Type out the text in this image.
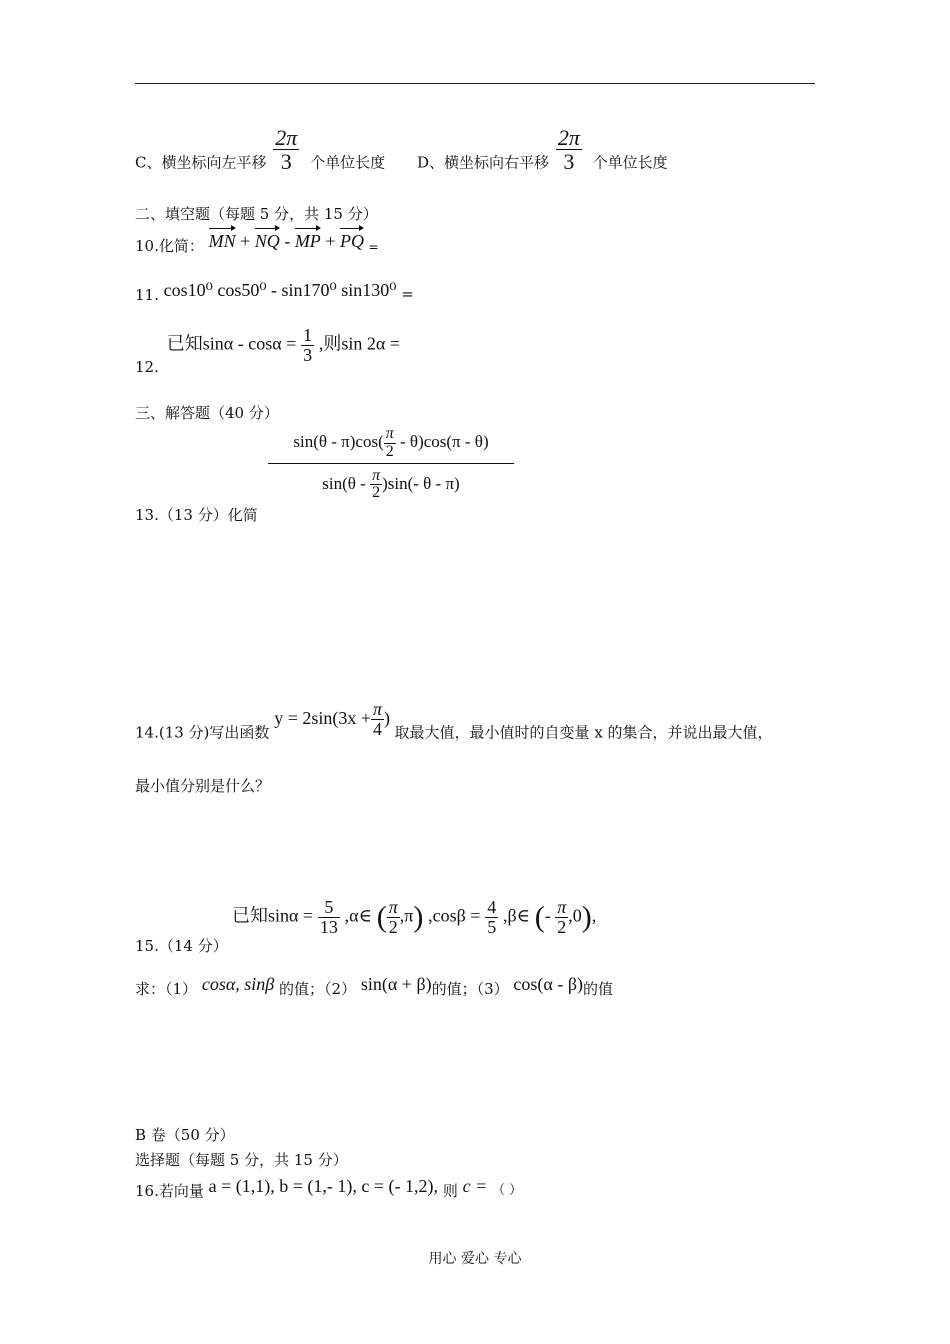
C、横坐标向左平移 $\frac{2\pi}{3}$ 个单位长度 D、横坐标向右平移 $\frac{2\pi}{3}$ 个单位长度
二、填空题（每题 5 分，共 15 分）
10.化简： MN + NQ - MP + PQ $_=$
11. cos10⁰ cos50⁰ - sin170⁰ sin130⁰ =
已知$\sin\alpha - \cos\alpha = \frac{1}{3}$ ,则sin 2α =
12.
三、解答题（40 分）
$\frac{\sin(\theta - \pi)\cos( \frac{\pi}{2} - \theta)\cos(\pi - \theta)}{\sin(\theta - \frac{\pi}{2} )\sin(- \theta - \pi)}$
13.（13 分）化简
14.(13 分)写出函数 $y = 2\sin(3x + \frac{\pi}{4}$ ) 取最大值，最小值时的自变量 x 的集合，并说出最大值，
最小值分别是什么？
已知$\sin\alpha = \frac{5}{13}$ ,α∈ ( $\frac{\pi}{2} ,\pi$) $,\cos\beta = \frac{4}{5}$ ,β∈ (- $\frac{\pi}{2} ,0$),
15.（14 分）
求：（1） cosα, sinβ 的值；（2） sin(α + β)的值；（3） cos(α - β)的值
B 卷（50 分）
选择题（每题 5 分，共 15 分）
16.若向量 a = (1,1), b = (1,- 1), c = (- 1,2), 则 c = （ ）
用心 爱心 专心
